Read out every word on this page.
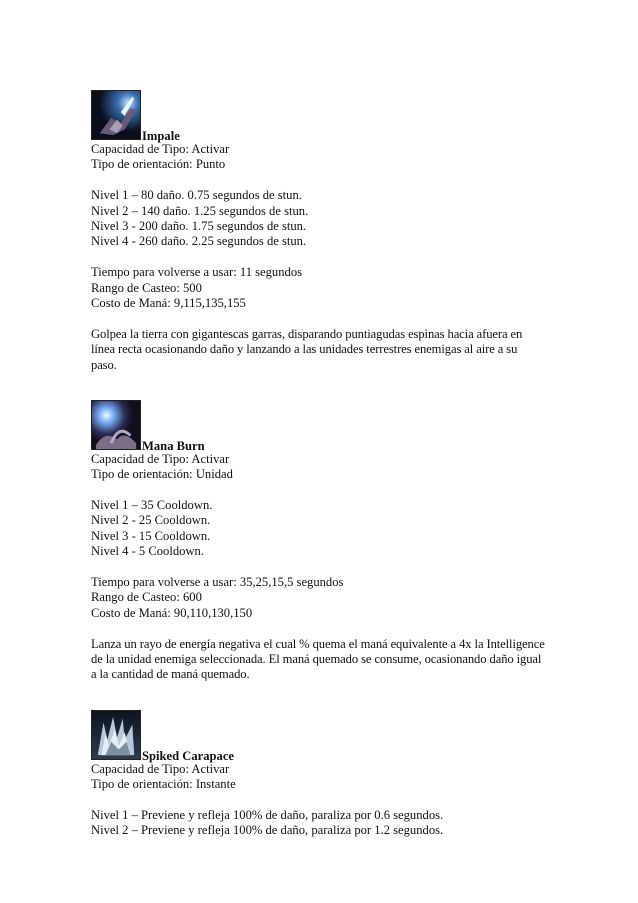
Impale
Capacidad de Tipo: Activar
Tipo de orientación: Punto
Nivel 1 – 80 daño. 0.75 segundos de stun.
Nivel 2 – 140 daño. 1.25 segundos de stun.
Nivel 3 - 200 daño. 1.75 segundos de stun.
Nivel 4 - 260 daño. 2.25 segundos de stun.
Tiempo para volverse a usar: 11 segundos
Rango de Casteo: 500
Costo de Maná: 9,115,135,155
Golpea la tierra con gigantescas garras, disparando puntiagudas espinas hacia afuera en línea recta ocasionando daño y lanzando a las unidades terrestres enemigas al aire a su paso.
Mana Burn
Capacidad de Tipo: Activar
Tipo de orientación: Unidad
Nivel 1 – 35 Cooldown.
Nivel 2 - 25 Cooldown.
Nivel 3 - 15 Cooldown.
Nivel 4 - 5 Cooldown.
Tiempo para volverse a usar: 35,25,15,5 segundos
Rango de Casteo: 600
Costo de Maná: 90,110,130,150
Lanza un rayo de energía negativa el cual % quema el maná equivalente a 4x la Intelligence de la unidad enemiga seleccionada. El maná quemado se consume, ocasionando daño igual a la cantidad de maná quemado.
Spiked Carapace
Capacidad de Tipo: Activar
Tipo de orientación: Instante
Nivel 1 – Previene y refleja 100% de daño, paraliza por 0.6 segundos.
Nivel 2 – Previene y refleja 100% de daño, paraliza por 1.2 segundos.
